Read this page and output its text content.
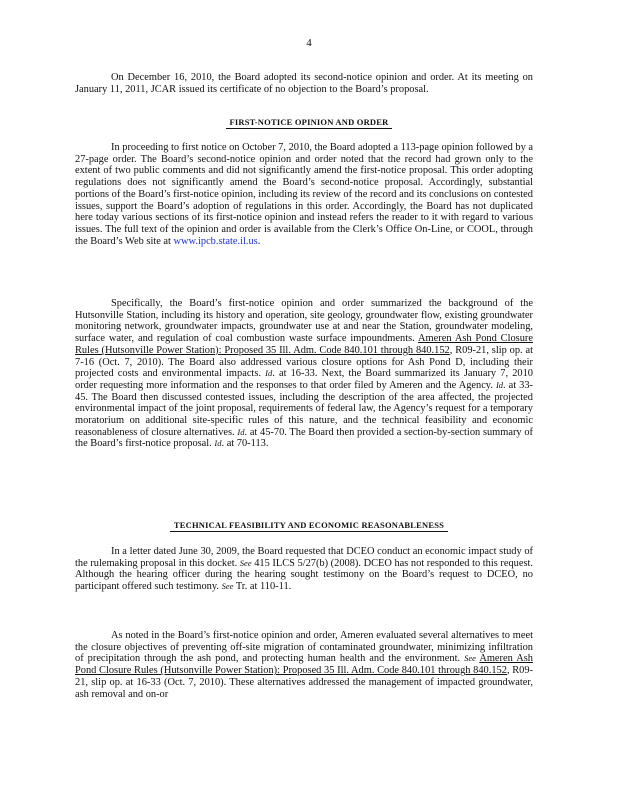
4

On December 16, 2010, the Board adopted its second-notice opinion and order. At its meeting on January 11, 2011, JCAR issued its certificate of no objection to the Board’s proposal.

FIRST-NOTICE OPINION AND ORDER

In proceeding to first notice on October 7, 2010, the Board adopted a 113-page opinion followed by a 27-page order. The Board’s second-notice opinion and order noted that the record had grown only to the extent of two public comments and did not significantly amend the first-notice proposal. This order adopting regulations does not significantly amend the Board’s second-notice proposal. Accordingly, substantial portions of the Board’s first-notice opinion, including its review of the record and its conclusions on contested issues, support the Board’s adoption of regulations in this order. Accordingly, the Board has not duplicated here today various sections of its first-notice opinion and instead refers the reader to it with regard to various issues. The full text of the opinion and order is available from the Clerk’s Office On-Line, or COOL, through the Board’s Web site at www.ipcb.state.il.us.

Specifically, the Board’s first-notice opinion and order summarized the background of the Hutsonville Station, including its history and operation, site geology, groundwater flow, existing groundwater monitoring network, groundwater impacts, groundwater use at and near the Station, groundwater modeling, surface water, and regulation of coal combustion waste surface impoundments. Ameren Ash Pond Closure Rules (Hutsonville Power Station): Proposed 35 Ill. Adm. Code 840.101 through 840.152, R09-21, slip op. at 7-16 (Oct. 7, 2010). The Board also addressed various closure options for Ash Pond D, including their projected costs and environmental impacts. Id. at 16-33. Next, the Board summarized its January 7, 2010 order requesting more information and the responses to that order filed by Ameren and the Agency. Id. at 33-45. The Board then discussed contested issues, including the description of the area affected, the projected environmental impact of the joint proposal, requirements of federal law, the Agency’s request for a temporary moratorium on additional site-specific rules of this nature, and the technical feasibility and economic reasonableness of closure alternatives. Id. at 45-70. The Board then provided a section-by-section summary of the Board’s first-notice proposal. Id. at 70-113.

TECHNICAL FEASIBILITY AND ECONOMIC REASONABLENESS

In a letter dated June 30, 2009, the Board requested that DCEO conduct an economic impact study of the rulemaking proposal in this docket. See 415 ILCS 5/27(b) (2008). DCEO has not responded to this request. Although the hearing officer during the hearing sought testimony on the Board’s request to DCEO, no participant offered such testimony. See Tr. at 110-11.

As noted in the Board’s first-notice opinion and order, Ameren evaluated several alternatives to meet the closure objectives of preventing off-site migration of contaminated groundwater, minimizing infiltration of precipitation through the ash pond, and protecting human health and the environment. See Ameren Ash Pond Closure Rules (Hutsonville Power Station): Proposed 35 Ill. Adm. Code 840.101 through 840.152, R09-21, slip op. at 16-33 (Oct. 7, 2010). These alternatives addressed the management of impacted groundwater, ash removal and on-or
